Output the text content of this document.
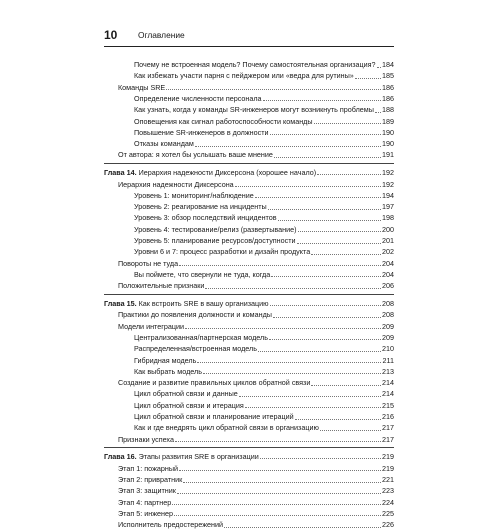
10 Оглавление
Почему не встроенная модель? Почему самостоятельная организация? 184
Как избежать участи парня с пейджером или «ведра для рутины»	185
Команды SRE	186
Определение численности персонала	186
Как узнать, когда у команды SR-инженеров могут возникнуть проблемы 188
Оповещения как сигнал работоспособности команды	189
Повышение SR-инженеров в должности	190
Отказы командам	190
От автора: я хотел бы услышать ваше мнение	191
Глава 14. Иерархия надежности Диксерсона (хорошее начало)	192
Иерархия надежности Диксерсона	192
Уровень 1: мониторинг/наблюдение	194
Уровень 2: реагирование на инциденты	197
Уровень 3: обзор последствий инцидентов	198
Уровень 4: тестирование/релиз (развертывание)	200
Уровень 5: планирование ресурсов/доступности	201
Уровни 6 и 7: процесс разработки и дизайн продукта	202
Повороты не туда	204
Вы поймете, что свернули не туда, когда	204
Положительные признаки	206
Глава 15. Как встроить SRE в вашу организацию	208
Практики до появления должности и команды	208
Модели интеграции	209
Централизованная/партнерская модель	209
Распределенная/встроенная модель	210
Гибридная модель	211
Как выбрать модель	213
Создание и развитие правильных циклов обратной связи	214
Цикл обратной связи и данные	214
Цикл обратной связи и итерация	215
Цикл обратной связи и планирование итераций	216
Как и где внедрять цикл обратной связи в организацию	217
Признаки успеха	217
Глава 16. Этапы развития SRE в организации	219
Этап 1: пожарный	219
Этап 2: привратник	221
Этап 3: защитник	223
Этап 4: партнер	224
Этап 5: инженер	225
Исполнитель предостережений	226
